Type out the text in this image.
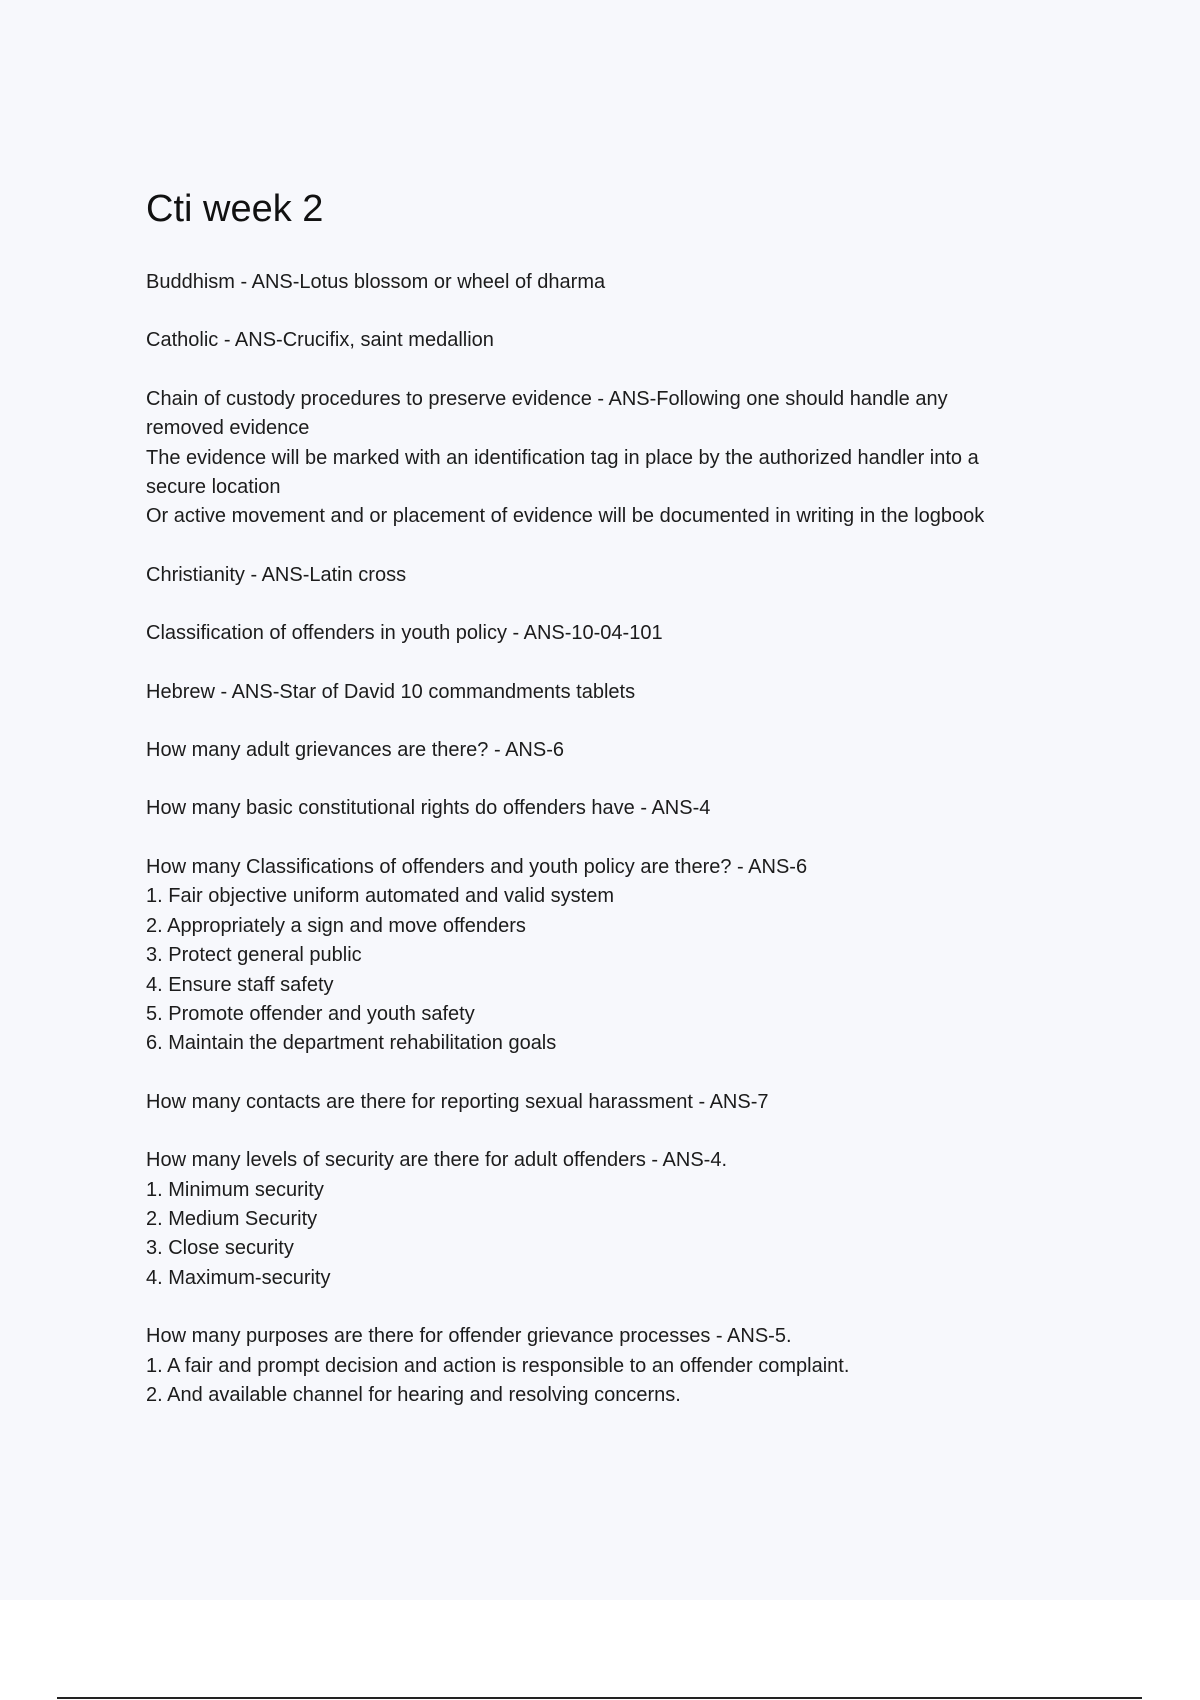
Cti week 2
Buddhism - ANS-Lotus blossom or wheel of dharma
Catholic - ANS-Crucifix, saint medallion
Chain of custody procedures to preserve evidence - ANS-Following one should handle any
removed evidence
The evidence will be marked with an identification tag in place by the authorized handler into a
secure location
Or active movement and or placement of evidence will be documented in writing in the logbook
Christianity - ANS-Latin cross
Classification of offenders in youth policy - ANS-10-04-101
Hebrew - ANS-Star of David 10 commandments tablets
How many adult grievances are there? - ANS-6
How many basic constitutional rights do offenders have - ANS-4
How many Classifications of offenders and youth policy are there? - ANS-6
1. Fair objective uniform automated and valid system
2. Appropriately a sign and move offenders
3. Protect general public
4. Ensure staff safety
5. Promote offender and youth safety
6. Maintain the department rehabilitation goals
How many contacts are there for reporting sexual harassment - ANS-7
How many levels of security are there for adult offenders - ANS-4.
1. Minimum security
2. Medium Security
3. Close security
4. Maximum-security
How many purposes are there for offender grievance processes - ANS-5.
1. A fair and prompt decision and action is responsible to an offender complaint.
2. And available channel for hearing and resolving concerns.
